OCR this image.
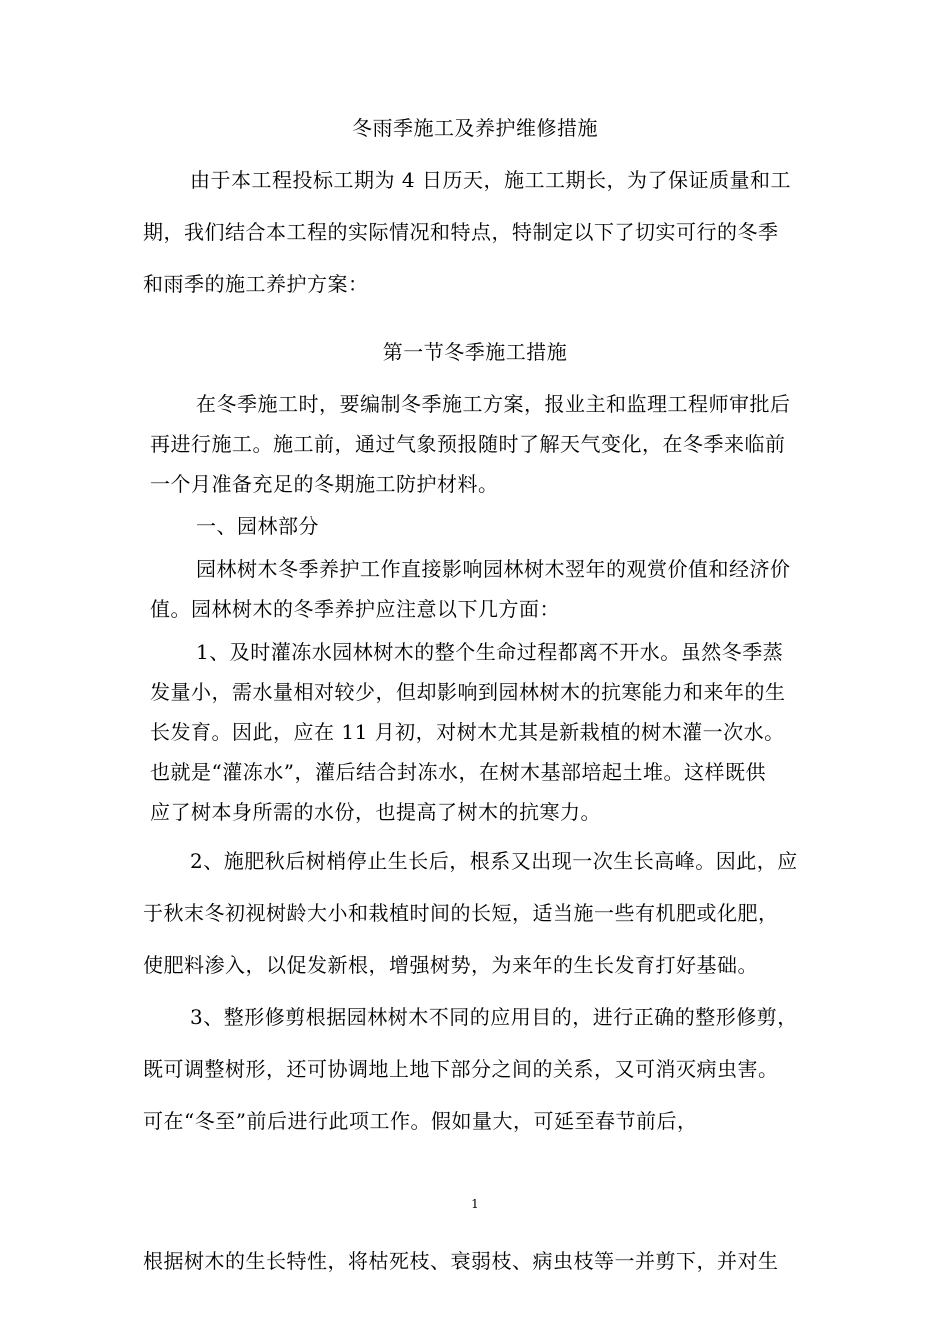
冬雨季施工及养护维修措施
由于本工程投标工期为 4 日历天，施工工期长，为了保证质量和工
期，我们结合本工程的实际情况和特点，特制定以下了切实可行的冬季
和雨季的施工养护方案：
第一节冬季施工措施
在冬季施工时，要编制冬季施工方案，报业主和监理工程师审批后
再进行施工。施工前，通过气象预报随时了解天气变化，在冬季来临前
一个月准备充足的冬期施工防护材料。
一、园林部分
园林树木冬季养护工作直接影响园林树木翌年的观赏价值和经济价
值。园林树木的冬季养护应注意以下几方面：
1、及时灌冻水园林树木的整个生命过程都离不开水。虽然冬季蒸
发量小，需水量相对较少，但却影响到园林树木的抗寒能力和来年的生
长发育。因此，应在 11 月初，对树木尤其是新栽植的树木灌一次水。
也就是“灌冻水”，灌后结合封冻水，在树木基部培起土堆。这样既供
应了树本身所需的水份，也提高了树木的抗寒力。
2、施肥秋后树梢停止生长后，根系又出现一次生长高峰。因此，应
于秋末冬初视树龄大小和栽植时间的长短，适当施一些有机肥或化肥，
使肥料渗入，以促发新根，增强树势，为来年的生长发育打好基础。
3、整形修剪根据园林树木不同的应用目的，进行正确的整形修剪，
既可调整树形，还可协调地上地下部分之间的关系，又可消灭病虫害。
可在“冬至”前后进行此项工作。假如量大，可延至春节前后，
1
根据树木的生长特性，将枯死枝、衰弱枝、病虫枝等一并剪下，并对生
